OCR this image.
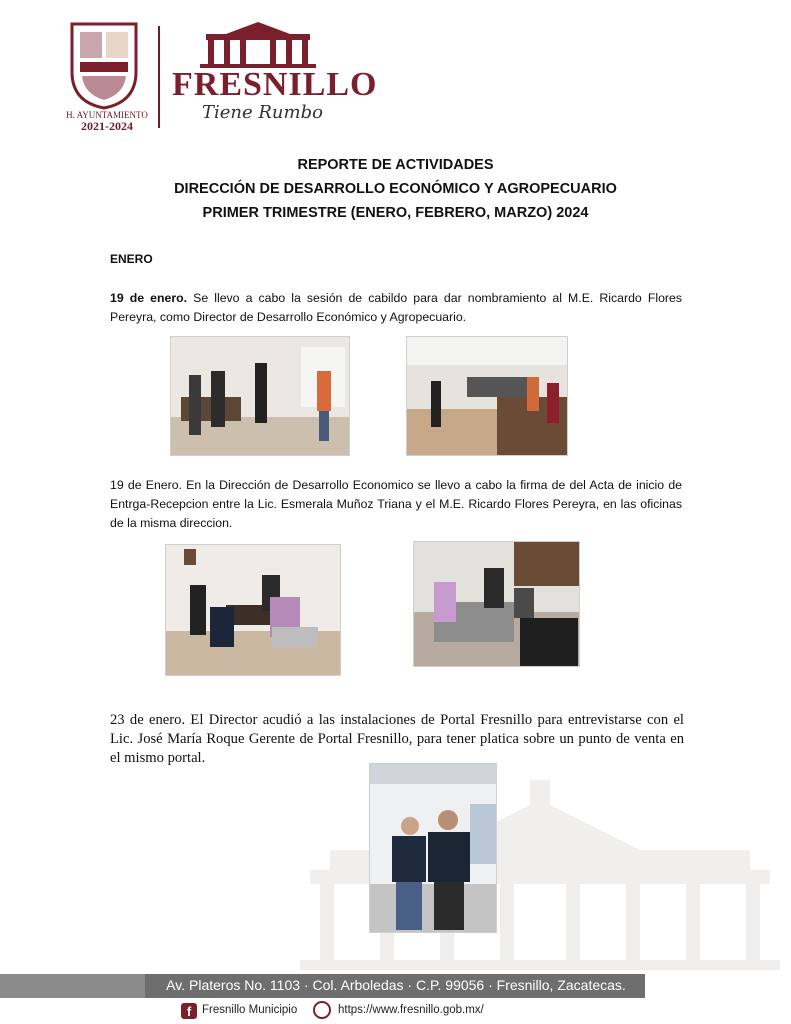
H. AYUNTAMIENTO
2021-2024
FRESNILLO
Tiene Rumbo
REPORTE DE ACTIVIDADES
DIRECCIÓN DE DESARROLLO ECONÓMICO Y AGROPECUARIO
PRIMER TRIMESTRE (ENERO, FEBRERO, MARZO) 2024
ENERO
19 de enero. Se llevo a cabo la sesión de cabildo para dar nombramiento al M.E. Ricardo Flores Pereyra, como Director de Desarrollo Económico y Agropecuario.
19 de Enero. En la Dirección de Desarrollo Economico se llevo a cabo la firma de del Acta de inicio de Entrga-Recepcion entre la Lic. Esmerala Muñoz Triana y el M.E. Ricardo Flores Pereyra, en las oficinas de la misma direccion.
23 de enero. El Director acudió a las instalaciones de Portal Fresnillo para entrevistarse con el Lic. José María Roque Gerente de Portal Fresnillo, para tener platica sobre un punto de venta en el mismo portal.
Av. Plateros No. 1103 · Col. Arboledas · C.P. 99056 · Fresnillo, Zacatecas.
f Fresnillo Municipio	https://www.fresnillo.gob.mx/
